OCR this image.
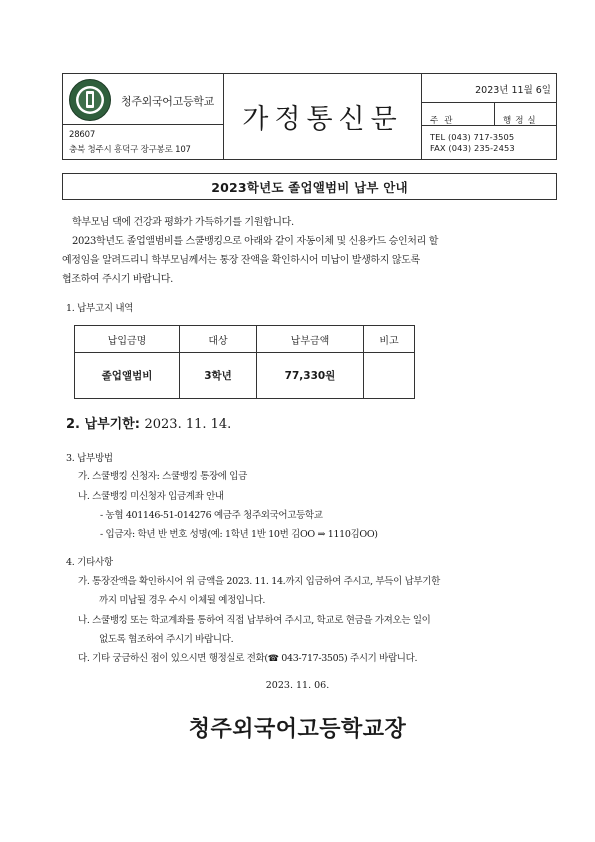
청주외국어고등학교
28607
충북 청주시 흥덕구 장구봉로 107
가정통신문
2023년 11월 6일
주관	행정실
TEL (043) 717-3505
FAX (043) 235-2453
2023학년도 졸업앨범비 납부 안내
학부모님 댁에 건강과 평화가 가득하기를 기원합니다.
2023학년도 졸업앨범비를 스쿨뱅킹으로 아래와 같이 자동이체 및 신용카드 승인처리 할
예정임을 알려드리니 학부모님께서는 통장 잔액을 확인하시어 미납이 발생하지 않도록
협조하여 주시기 바랍니다.
1. 납부고지 내역
납입금명	대상	납부금액	비고
졸업앨범비	3학년	77,330원	
2. 납부기한: 2023. 11. 14.
3. 납부방법
가. 스쿨뱅킹 신청자: 스쿨뱅킹 통장에 입금
나. 스쿨뱅킹 미신청자 입금계좌 안내
- 농협 401146-51-014276 예금주 청주외국어고등학교
- 입금자: 학년 반 번호 성명(예: 1학년 1반 10번 김OO ⇒ 1110김OO)
4. 기타사항
가. 통장잔액을 확인하시어 위 금액을 2023. 11. 14.까지 입금하여 주시고, 부득이 납부기한
까지 미납될 경우 수시 이체될 예정입니다.
나. 스쿨뱅킹 또는 학교계좌를 통하여 직접 납부하여 주시고, 학교로 현금을 가져오는 일이
없도록 협조하여 주시기 바랍니다.
다. 기타 궁금하신 점이 있으시면 행정실로 전화(☎ 043-717-3505) 주시기 바랍니다.
2023. 11. 06.
청주외국어고등학교장
